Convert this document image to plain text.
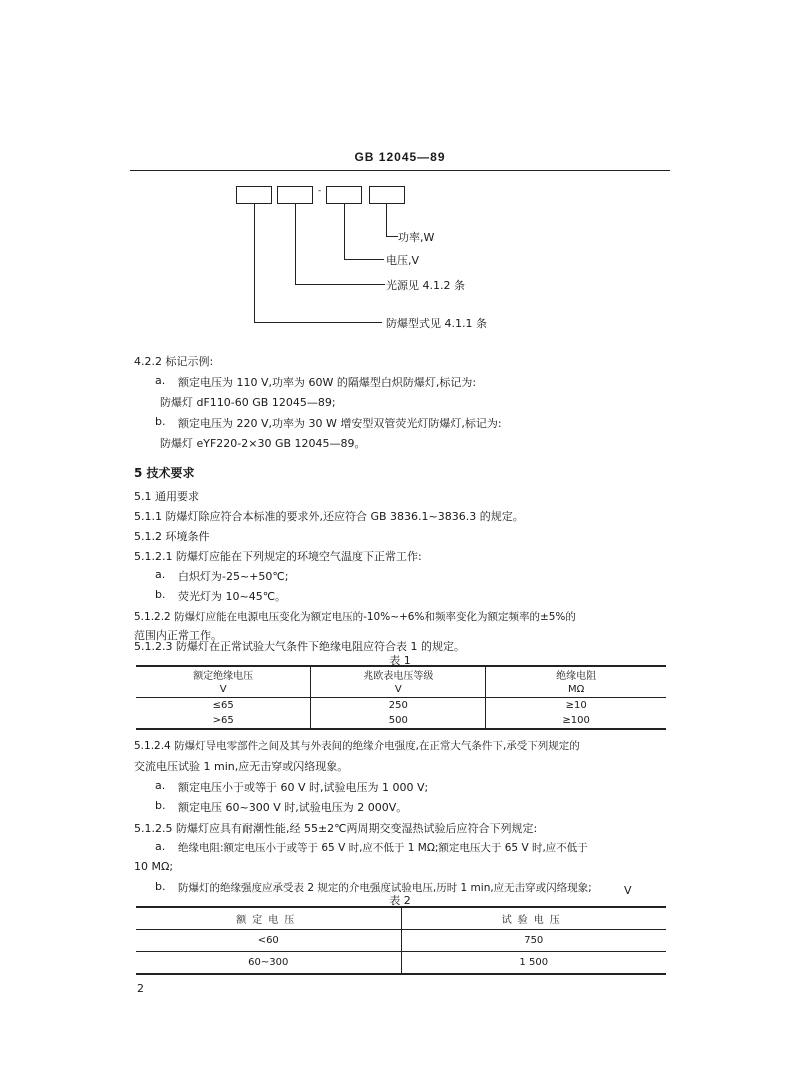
GB 12045—89
-
功率,W
电压,V
光源见 4.1.2 条
防爆型式见 4.1.1 条
4.2.2 标记示例:
a. 额定电压为 110 V,功率为 60W 的隔爆型白炽防爆灯,标记为:
防爆灯 dF110-60 GB 12045—89;
b. 额定电压为 220 V,功率为 30 W 增安型双管荧光灯防爆灯,标记为:
防爆灯 eYF220-2×30 GB 12045—89。
5 技术要求
5.1 通用要求
5.1.1 防爆灯除应符合本标准的要求外,还应符合 GB 3836.1~3836.3 的规定。
5.1.2 环境条件
5.1.2.1 防爆灯应能在下列规定的环境空气温度下正常工作:
a. 白炽灯为-25~+50℃;
b. 荧光灯为 10~45℃。
5.1.2.2 防爆灯应能在电源电压变化为额定电压的-10%~+6%和频率变化为额定频率的±5%的
范围内正常工作。
5.1.2.3 防爆灯在正常试验大气条件下绝缘电阻应符合表 1 的规定。
表 1
额定绝缘电压	兆欧表电压等级	绝缘电阻
V	V	MΩ
≤65	250	≥10
>65	500	≥100
5.1.2.4 防爆灯导电零部件之间及其与外表间的绝缘介电强度,在正常大气条件下,承受下列规定的
交流电压试验 1 min,应无击穿或闪络现象。
a. 额定电压小于或等于 60 V 时,试验电压为 1 000 V;
b. 额定电压 60~300 V 时,试验电压为 2 000V。
5.1.2.5 防爆灯应具有耐潮性能,经 55±2℃两周期交变湿热试验后应符合下列规定:
a. 绝缘电阻:额定电压小于或等于 65 V 时,应不低于 1 MΩ;额定电压大于 65 V 时,应不低于
10 MΩ;
b. 防爆灯的绝缘强度应承受表 2 规定的介电强度试验电压,历时 1 min,应无击穿或闪络现象;
表 2
V
额定电压	试验电压
<60	750
60~300	1 500
2
